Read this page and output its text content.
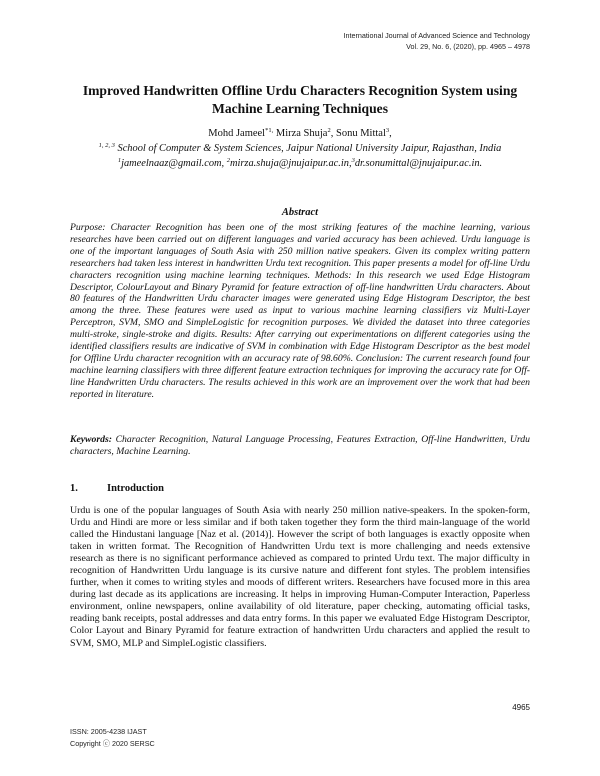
International Journal of Advanced Science and Technology
Vol. 29, No. 6, (2020), pp. 4965 – 4978
Improved Handwritten Offline Urdu Characters Recognition System using Machine Learning Techniques
Mohd Jameel$^{*1,}$ Mirza Shuja$^2$, Sonu Mittal$^3$,
$^{1, 2, 3}$ School of Computer & System Sciences, Jaipur National University Jaipur, Rajasthan, India
$^1$jameelnaaz@gmail.com, $^2$mirza.shuja@jnujaipur.ac.in,$^3$dr.sonumittal@jnujaipur.ac.in.
Abstract

Purpose: Character Recognition has been one of the most striking features of the machine learning, various researches have been carried out on different languages and varied accuracy has been achieved. Urdu language is one of the important languages of South Asia with 250 million native speakers. Given its complex writing pattern researchers had taken less interest in handwritten Urdu text recognition. This paper presents a model for off-line Urdu characters recognition using machine learning techniques. Methods: In this research we used Edge Histogram Descriptor, ColourLayout and Binary Pyramid for feature extraction of off-line handwritten Urdu characters. About 80 features of the Handwritten Urdu character images were generated using Edge Histogram Descriptor, the best among the three. These features were used as input to various machine learning classifiers viz Multi-Layer Perceptron, SVM, SMO and SimpleLogistic for recognition purposes. We divided the dataset into three categories multi-stroke, single-stroke and digits. Results: After carrying out experimentations on different categories using the identified classifiers results are indicative of SVM in combination with Edge Histogram Descriptor as the best model for Offline Urdu character recognition with an accuracy rate of 98.60%. Conclusion: The current research found four machine learning classifiers with three different feature extraction techniques for improving the accuracy rate for Off-line Handwritten Urdu characters. The results achieved in this work are an improvement over the work that had been reported in literature.

Keywords: Character Recognition, Natural Language Processing, Features Extraction, Off-line Handwritten, Urdu characters, Machine Learning.

1.	Introduction

Urdu is one of the popular languages of South Asia with nearly 250 million native-speakers. In the spoken-form, Urdu and Hindi are more or less similar and if both taken together they form the third main-language of the world called the Hindustani language [Naz et al. (2014)]. However the script of both languages is exactly opposite when taken in written format. The Recognition of Handwritten Urdu text is more challenging and needs extensive research as there is no significant performance achieved as compared to printed Urdu text. The major difficulty in recognition of Handwritten Urdu language is its cursive nature and different font styles. The problem intensifies further, when it comes to writing styles and moods of different writers. Researchers have focused more in this area during last decade as its applications are increasing. It helps in improving Human-Computer Interaction, Paperless environment, online newspapers, online availability of old literature, paper checking, automating official tasks, reading bank receipts, postal addresses and data entry forms. In this paper we evaluated Edge Histogram Descriptor, Color Layout and Binary Pyramid for feature extraction of handwritten Urdu characters and applied the result to SVM, SMO, MLP and SimpleLogistic classifiers.

4965
ISSN: 2005-4238 IJAST
Copyright ⓒ 2020 SERSC
